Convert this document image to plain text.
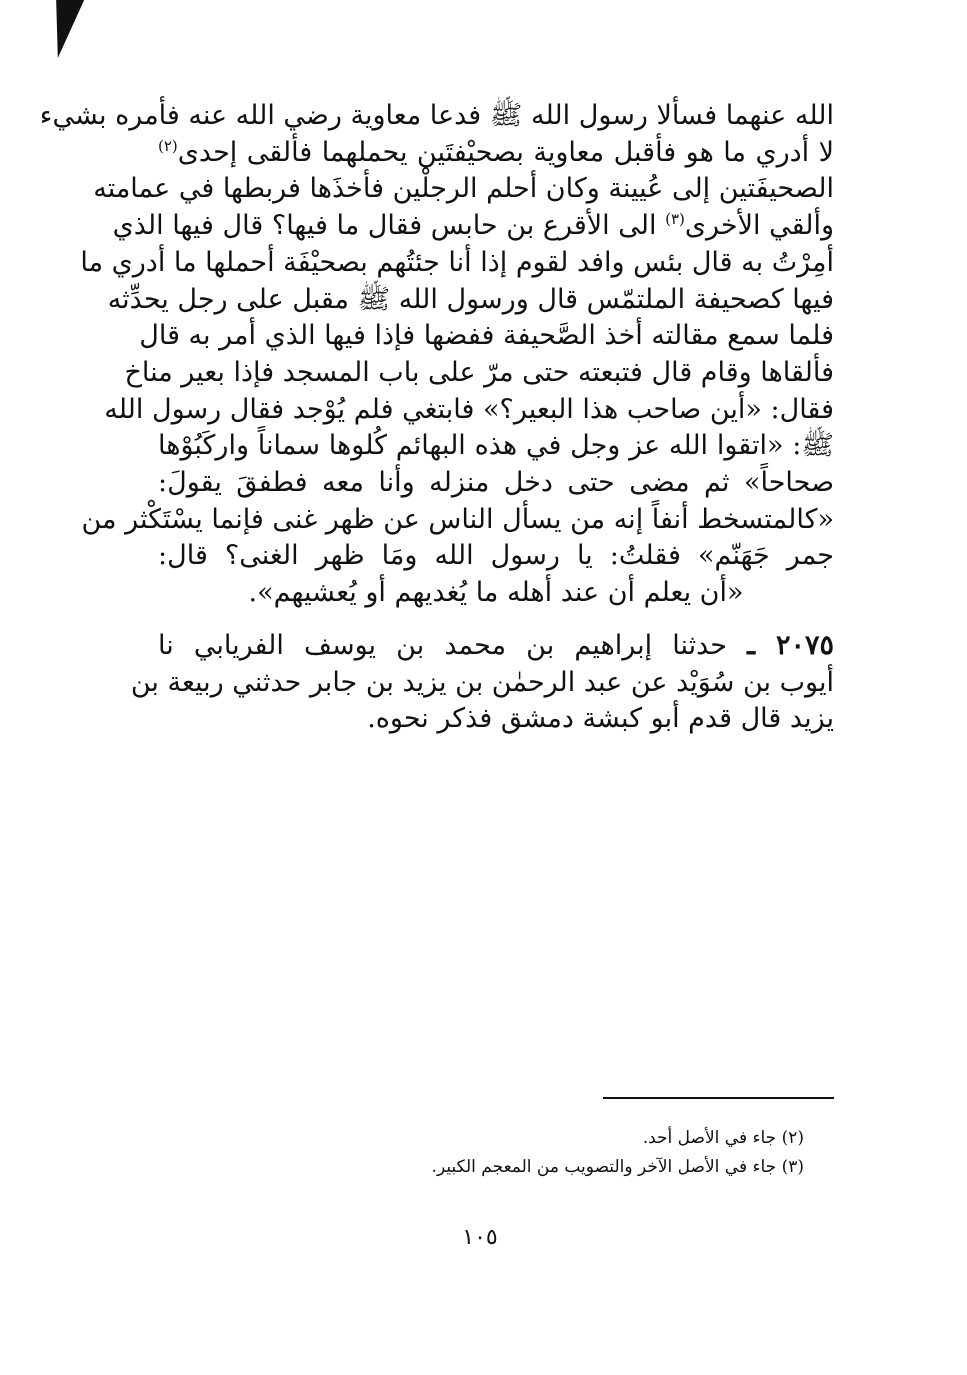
الله عنهما فسألا رسول الله ﷺ فدعا معاوية رضي الله عنه فأمره بشيء
لا أدري ما هو فأقبل معاوية بصحيْفتَين يحملهما فألقى إحدى$^{(٢)}$
الصحيفَتين إلى عُيينة وكان أحلم الرجلْين فأخذَها فربطها في عمامته
وألقي الأخرى$^{(٣)}$ الى الأقرع بن حابس فقال ما فيها؟ قال فيها الذي
أمِرْتُ به قال بئس وافد لقوم إذا أنا جئتُهم بصحيْفَة أحملها ما أدري ما
فيها كصحيفة الملتمّس قال ورسول الله ﷺ مقبل على رجل يحدِّثه
فلما سمع مقالته أخذ الصَّحيفة ففضها فإذا فيها الذي أمر به قال
فألقاها وقام قال فتبعته حتى مرّ على باب المسجد فإذا بعير مناخ
فقال: «أين صاحب هذا البعير؟» فابتغي فلم يُوْجد فقال رسول الله
ﷺ: «اتقوا الله عز وجل في هذه البهائم كُلوها سماناً واركَبُوْها
صحاحاً» ثم مضى حتى دخل منزله وأنا معه فطفقَ يقولَ:
«كالمتسخط أنفاً إنه من يسأل الناس عن ظهر غنى فإنما يسْتَكْثر من
جمر جَهَنّم» فقلتُ: يا رسول الله ومَا ظهر الغنى؟ قال:
«أن يعلم أن عند أهله ما يُغديهم أو يُعشيهم».
٢٠٧٥ ـ حدثنا إبراهيم بن محمد بن يوسف الفريابي نا
أيوب بن سُوَيْد عن عبد الرحمٰن بن يزيد بن جابر حدثني ربيعة بن
يزيد قال قدم أبو كبشة دمشق فذكر نحوه.
(٢) جاء في الأصل أحد.
(٣) جاء في الأصل الآخر والتصويب من المعجم الكبير.
١٠٥
